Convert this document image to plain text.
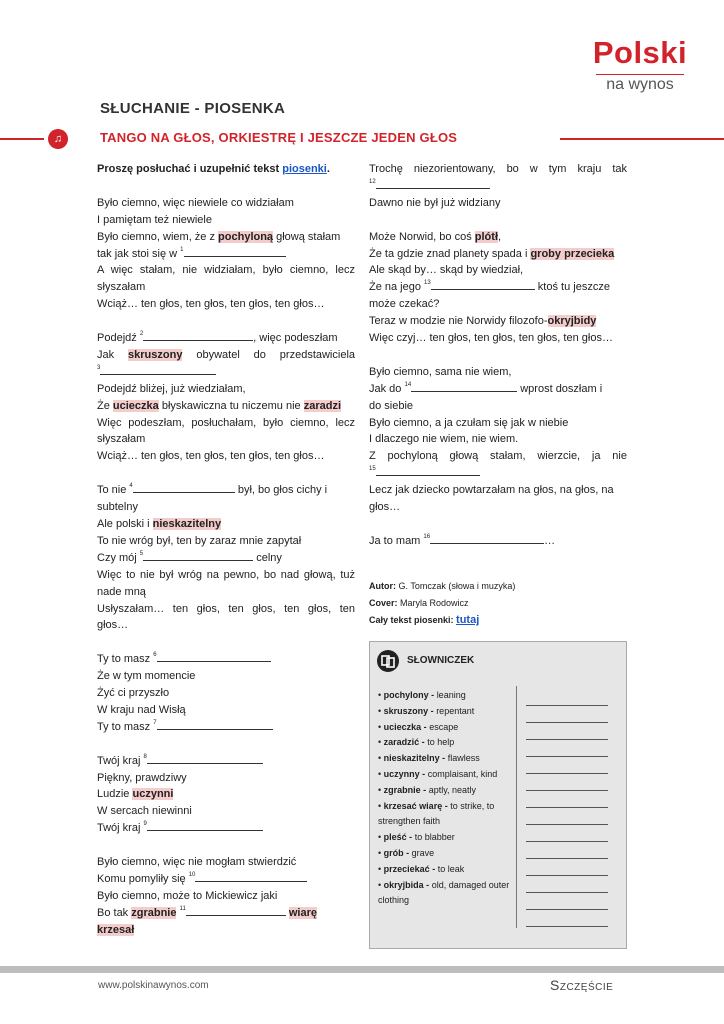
Polski
na wynos
SŁUCHANIE - PIOSENKA
♫	TANGO NA GŁOS, ORKIESTRĘ I JESZCZE JEDEN GŁOS
Proszę posłuchać i uzupełnić tekst piosenki.
Było ciemno, więc niewiele co widziałam
I pamiętam też niewiele
Było ciemno, wiem, że z pochyloną głową stałam
tak jak stoi się w $^1$
A więc stałam, nie widziałam, było ciemno, lecz
słyszałam
Wciąż… ten głos, ten głos, ten głos, ten głos…
Podejdź $^2$	, więc podeszłam
Jak skruszony obywatel do przedstawiciela
$^3$
Podejdź bliżej, już wiedziałam,
Że ucieczka błyskawiczna tu niczemu nie zaradzi
Więc podeszłam, posłuchałam, było ciemno, lecz
słyszałam
Wciąż… ten głos, ten głos, ten głos, ten głos…
To nie $^4$	był, bo głos cichy i
subtelny
Ale polski i nieskazitelny
To nie wróg był, ten by zaraz mnie zapytał
Czy mój $^5$	celny
Więc to nie był wróg na pewno, bo nad głową, tuż
nade mną
Usłyszałam… ten głos, ten głos, ten głos, ten
głos…
Ty to masz $^6$
Że w tym momencie
Żyć ci przyszło
W kraju nad Wisłą
Ty to masz $^7$
Twój kraj $^8$
Piękny, prawdziwy
Ludzie uczynni
W sercach niewinni
Twój kraj $^9$
Było ciemno, więc nie mogłam stwierdzić
Komu pomyliły się $^{10}$
Było ciemno, może to Mickiewicz jaki
Bo tak zgrabnie $^{11}$	wiarę
krzesał
Trochę niezorientowany, bo w tym kraju tak
$^{12}$
Dawno nie był już widziany
Może Norwid, bo coś plótł,
Że ta gdzie znad planety spada i groby przecieka
Ale skąd by… skąd by wiedział,
Że na jego $^{13}$	ktoś tu jeszcze
może czekać?
Teraz w modzie nie Norwidy filozofo-okryjbidy
Więc czyj… ten głos, ten głos, ten głos, ten głos…
Było ciemno, sama nie wiem,
Jak do $^{14}$	wprost doszłam i
do siebie
Było ciemno, a ja czułam się jak w niebie
I dlaczego nie wiem, nie wiem.
Z pochyloną głową stałam, wierzcie, ja nie
$^{15}$
Lecz jak dziecko powtarzałam na głos, na głos, na
głos…
Ja to mam $^{16}$	…
Autor: G. Tomczak (słowa i muzyka)
Cover: Maryla Rodowicz
Cały tekst piosenki: tutaj
SŁOWNICZEK
• pochylony - leaning
• skruszony - repentant
• ucieczka - escape
• zaradzić - to help
• nieskazitelny - flawless
• uczynny - complaisant, kind
• zgrabnie - aptly, neatly
• krzesać wiarę - to strike, to strengthen faith
• pleść - to blabber
• grób - grave
• przeciekać - to leak
• okryjbida - old, damaged outer clothing
www.polskinawynos.com	Szczęście
